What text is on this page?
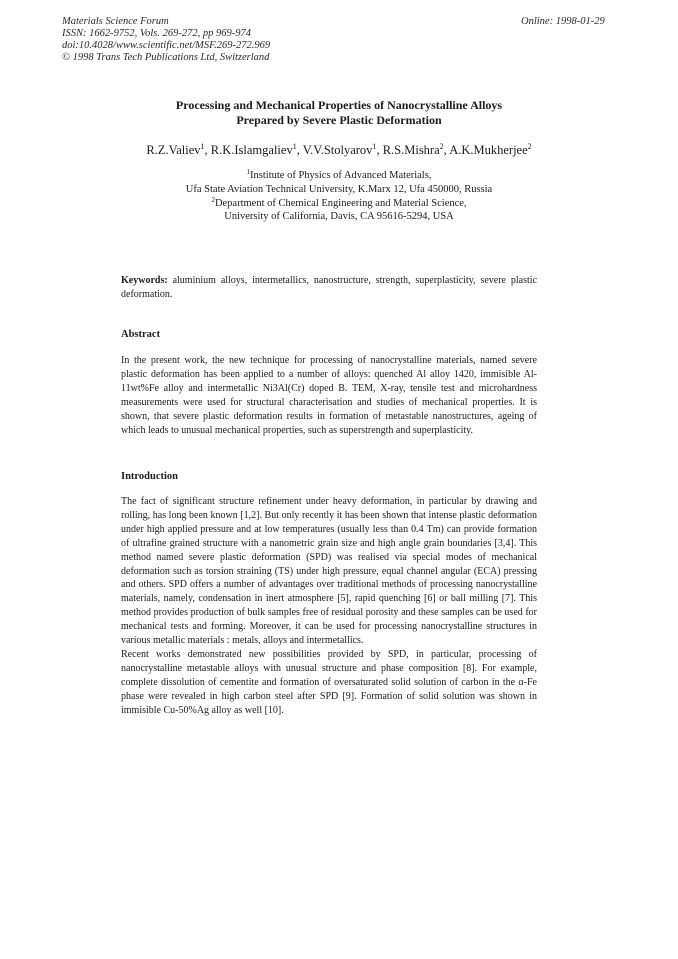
Materials Science Forum
ISSN: 1662-9752, Vols. 269-272, pp 969-974
doi:10.4028/www.scientific.net/MSF.269-272.969
© 1998 Trans Tech Publications Ltd, Switzerland
Online: 1998-01-29
Processing and Mechanical Properties of Nanocrystalline Alloys
Prepared by Severe Plastic Deformation
R.Z.Valiev$^1$, R.K.Islamgaliev$^1$, V.V.Stolyarov$^1$, R.S.Mishra$^2$, A.K.Mukherjee$^2$
$^1$Institute of Physics of Advanced Materials,
Ufa State Aviation Technical University, K.Marx 12, Ufa 450000, Russia
$^2$Department of Chemical Engineering and Material Science,
University of California, Davis, CA 95616-5294, USA
Keywords: aluminium alloys, intermetallics, nanostructure, strength, superplasticity, severe plastic deformation.
Abstract
In the present work, the new technique for processing of nanocrystalline materials, named severe plastic deformation has been applied to a number of alloys: quenched Al alloy 1420, immisible Al-11wt%Fe alloy and intermetallic Ni3Al(Cr) doped B. TEM, X-ray, tensile test and microhardness measurements were used for structural characterisation and studies of mechanical properties. It is shown, that severe plastic deformation results in formation of metastable nanostructures, ageing of which leads to unusual mechanical properties, such as superstrength and superplasticity.
Introduction
The fact of significant structure refinement under heavy deformation, in particular by drawing and rolling, has long been known [1,2]. But only recently it has been shown that intense plastic deformation under high applied pressure and at low temperatures (usually less than 0.4 Tm) can provide formation of ultrafine grained structure with a nanometric grain size and high angle grain boundaries [3,4]. This method named severe plastic deformation (SPD) was realised via special modes of mechanical deformation such as torsion straining (TS) under high pressure, equal channel angular (ECA) pressing and others. SPD offers a number of advantages over traditional methods of processing nanocrystalline materials, namely, condensation in inert atmosphere [5], rapid quenching [6] or ball milling [7]. This method provides production of bulk samples free of residual porosity and these samples can be used for mechanical tests and forming. Moreover, it can be used for processing nanocrystalline structures in various metallic materials : metals, alloys and intermetallics.
Recent works demonstrated new possibilities provided by SPD, in particular, processing of nanocrystalline metastable alloys with unusual structure and phase composition [8]. For example, complete dissolution of cementite and formation of oversaturated solid solution of carbon in the α-Fe phase were revealed in high carbon steel after SPD [9]. Formation of solid solution was shown in immisible Cu-50%Ag alloy as well [10].
